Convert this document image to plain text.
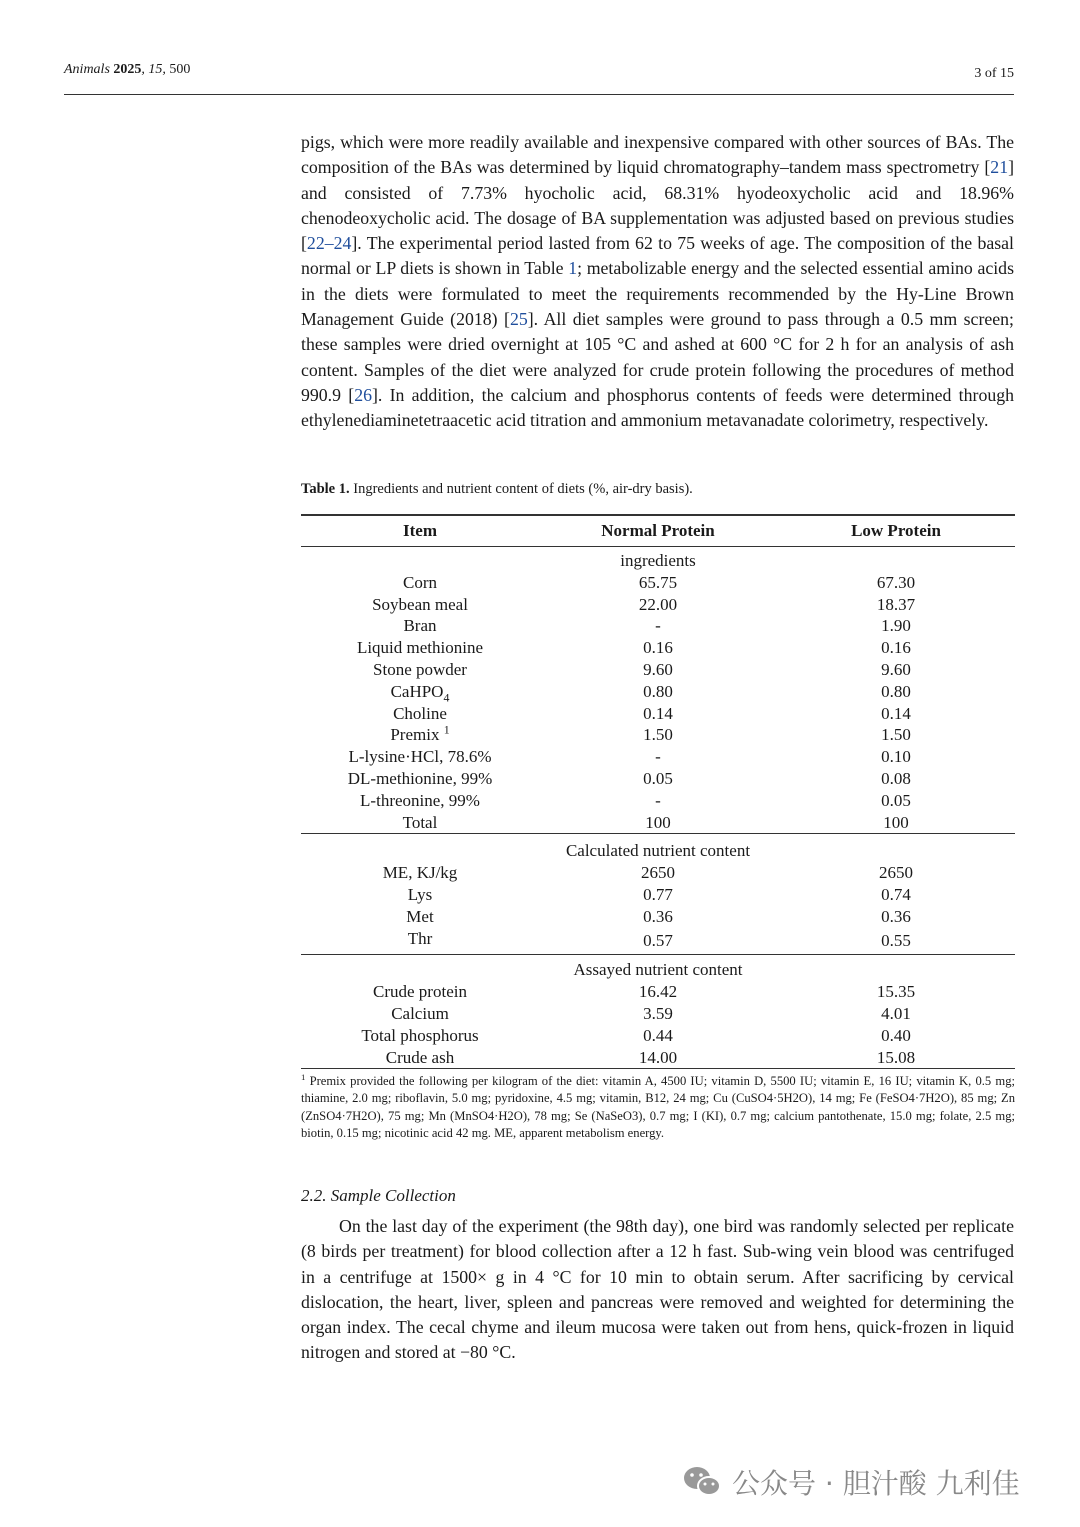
Animals 2025, 15, 500	3 of 15
pigs, which were more readily available and inexpensive compared with other sources of BAs. The composition of the BAs was determined by liquid chromatography–tandem mass spectrometry [21] and consisted of 7.73% hyocholic acid, 68.31% hyodeoxycholic acid and 18.96% chenodeoxycholic acid. The dosage of BA supplementation was adjusted based on previous studies [22–24]. The experimental period lasted from 62 to 75 weeks of age. The composition of the basal normal or LP diets is shown in Table 1; metabolizable energy and the selected essential amino acids in the diets were formulated to meet the requirements recommended by the Hy-Line Brown Management Guide (2018) [25]. All diet samples were ground to pass through a 0.5 mm screen; these samples were dried overnight at 105 °C and ashed at 600 °C for 2 h for an analysis of ash content. Samples of the diet were analyzed for crude protein following the procedures of method 990.9 [26]. In addition, the calcium and phosphorus contents of feeds were determined through ethylenediaminetetraacetic acid titration and ammonium metavanadate colorimetry, respectively.
Table 1. Ingredients and nutrient content of diets (%, air-dry basis).
Item	Normal Protein	Low Protein
ingredients		
Corn	65.75	67.30
Soybean meal	22.00	18.37
Bran	-	1.90
Liquid methionine	0.16	0.16
Stone powder	9.60	9.60
CaHPO$_4$	0.80	0.80
Choline	0.14	0.14
Premix $^1$	1.50	1.50
L-lysine·HCl, 78.6%	-	0.10
DL-methionine, 99%	0.05	0.08
L-threonine, 99%	-	0.05
Total	100	100
Calculated nutrient content		
ME, KJ/kg	2650	2650
Lys	0.77	0.74
Met	0.36	0.36
Thr	0.57	0.55
Assayed nutrient content		
Crude protein	16.42	15.35
Calcium	3.59	4.01
Total phosphorus	0.44	0.40
Crude ash	14.00	15.08
$^1$ Premix provided the following per kilogram of the diet: vitamin A, 4500 IU; vitamin D, 5500 IU; vitamin E, 16 IU; vitamin K, 0.5 mg; thiamine, 2.0 mg; riboflavin, 5.0 mg; pyridoxine, 4.5 mg; vitamin, B12, 24 mg; Cu (CuSO4·5H2O), 14 mg; Fe (FeSO4·7H2O), 85 mg; Zn (ZnSO4·7H2O), 75 mg; Mn (MnSO4·H2O), 78 mg; Se (NaSeO3), 0.7 mg; I (KI), 0.7 mg; calcium pantothenate, 15.0 mg; folate, 2.5 mg; biotin, 0.15 mg; nicotinic acid 42 mg. ME, apparent metabolism energy.
2.2. Sample Collection
On the last day of the experiment (the 98th day), one bird was randomly selected per replicate (8 birds per treatment) for blood collection after a 12 h fast. Sub-wing vein blood was centrifuged in a centrifuge at 1500× g in 4 °C for 10 min to obtain serum. After sacrificing by cervical dislocation, the heart, liver, spleen and pancreas were removed and weighted for determining the organ index. The cecal chyme and ileum mucosa were taken out from hens, quick-frozen in liquid nitrogen and stored at −80 °C.
公众号 · 胆汁酸 九利佳
